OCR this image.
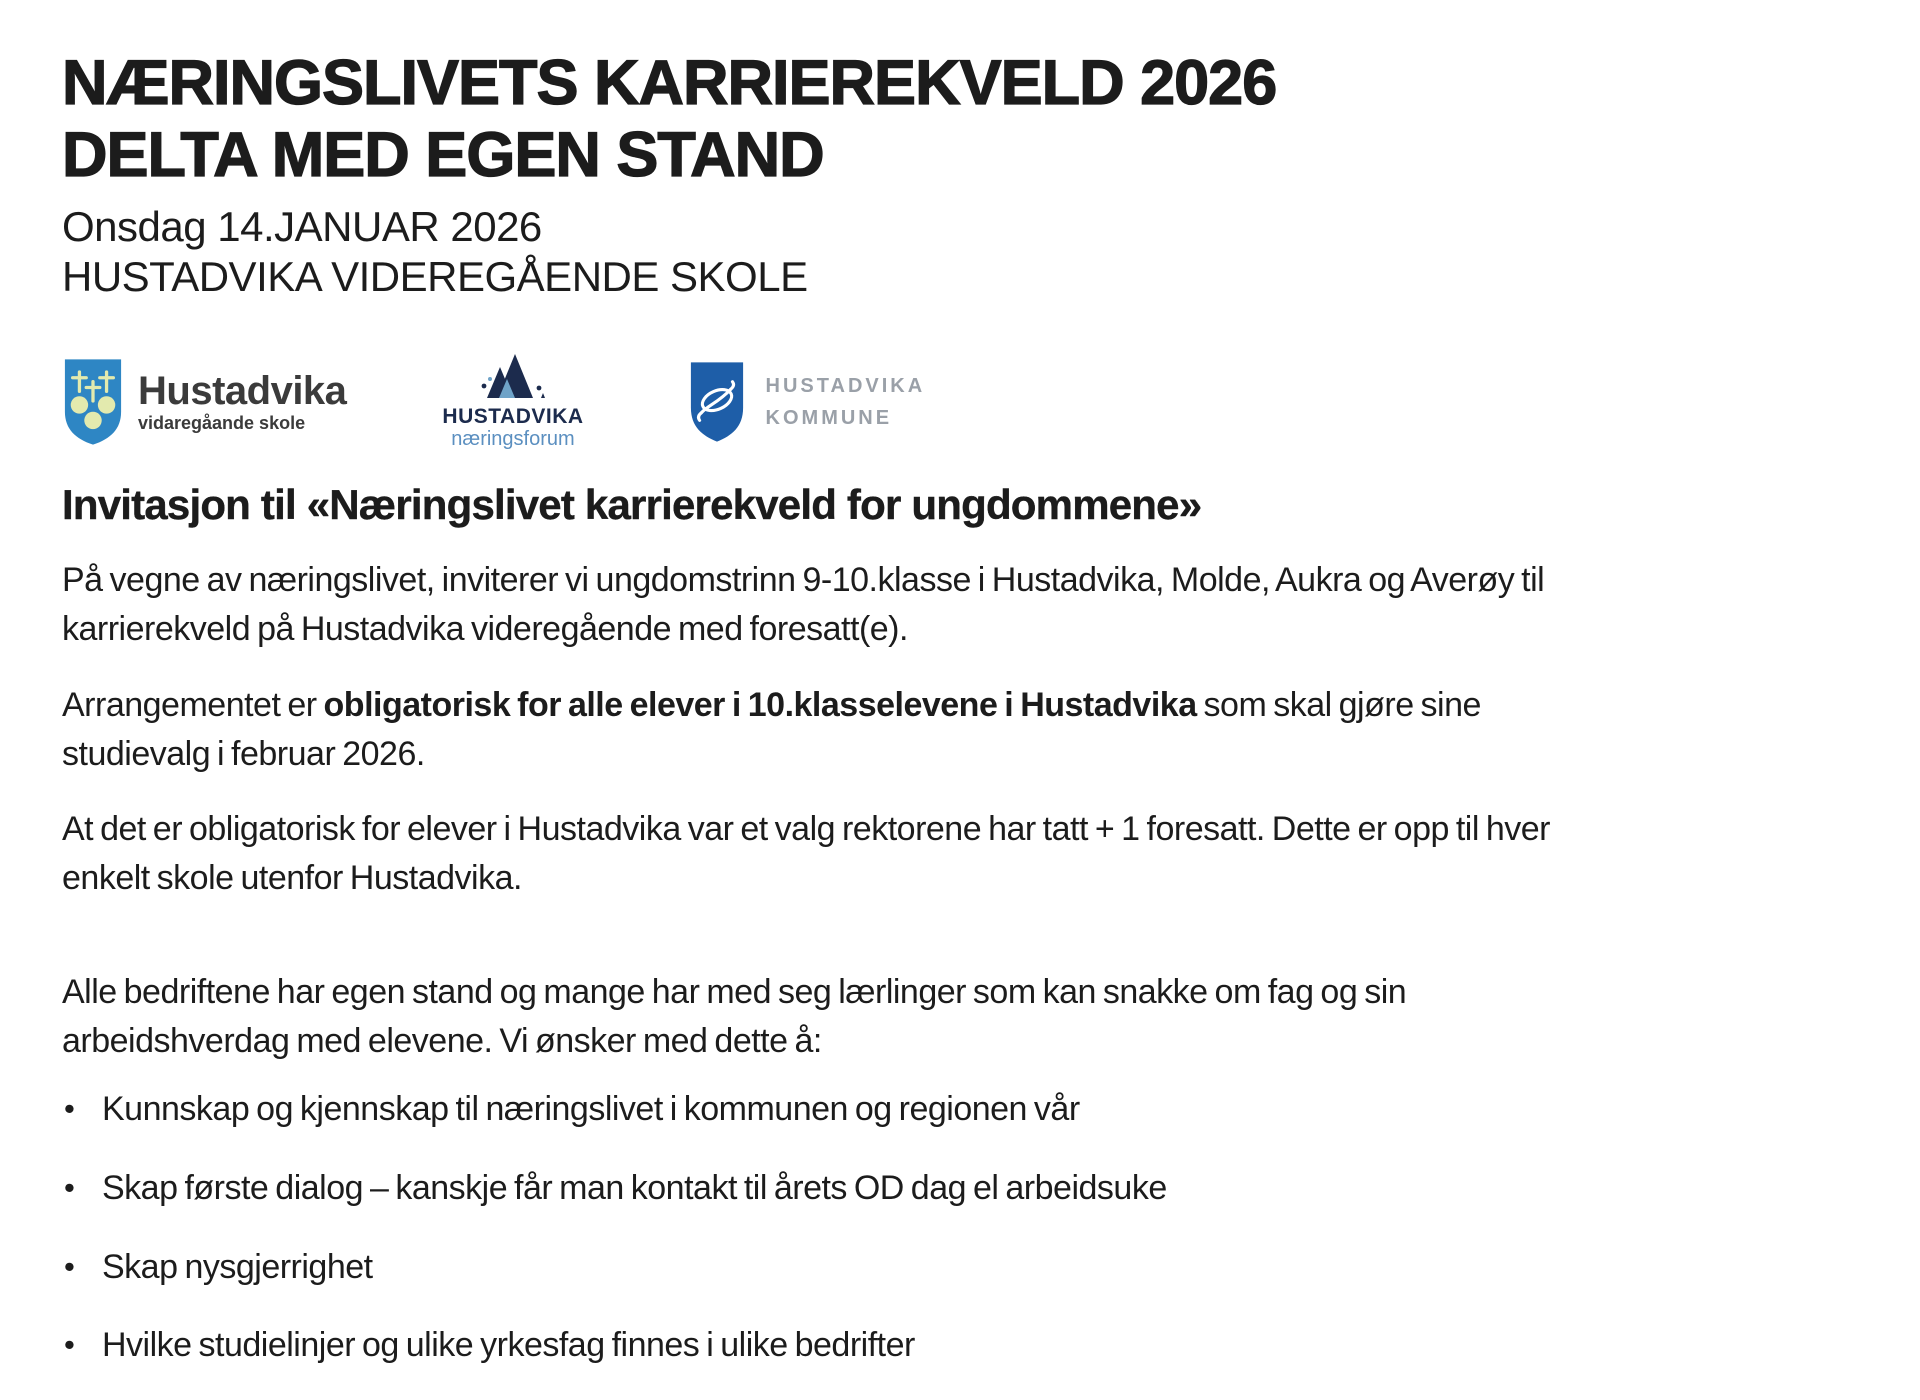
NÆRINGSLIVETS KARRIEREKVELD 2026
DELTA MED EGEN STAND
Onsdag 14.JANUAR 2026
HUSTADVIKA VIDEREGÅENDE SKOLE
Hustadvika
vidaregåande skole	HUSTADVIKA
næringsforum
HUSTADVIKA
KOMMUNE
Invitasjon til «Næringslivet karrierekveld for ungdommene»

På vegne av næringslivet, inviterer vi ungdomstrinn 9-10.klasse i Hustadvika, Molde, Aukra og Averøy til karrierekveld på Hustadvika videregående med foresatt(e).

Arrangementet er obligatorisk for alle elever i 10.klasselevene i Hustadvika som skal gjøre sine studievalg i februar 2026.

At det er obligatorisk for elever i Hustadvika var et valg rektorene har tatt + 1 foresatt. Dette er opp til hver enkelt skole utenfor Hustadvika.

Alle bedriftene har egen stand og mange har med seg lærlinger som kan snakke om fag og sin arbeidshverdag med elevene. Vi ønsker med dette å:

• Kunnskap og kjennskap til næringslivet i kommunen og regionen vår
• Skap første dialog – kanskje får man kontakt til årets OD dag el arbeidsuke
• Skap nysgjerrighet
• Hvilke studielinjer og ulike yrkesfag finnes i ulike bedrifter
